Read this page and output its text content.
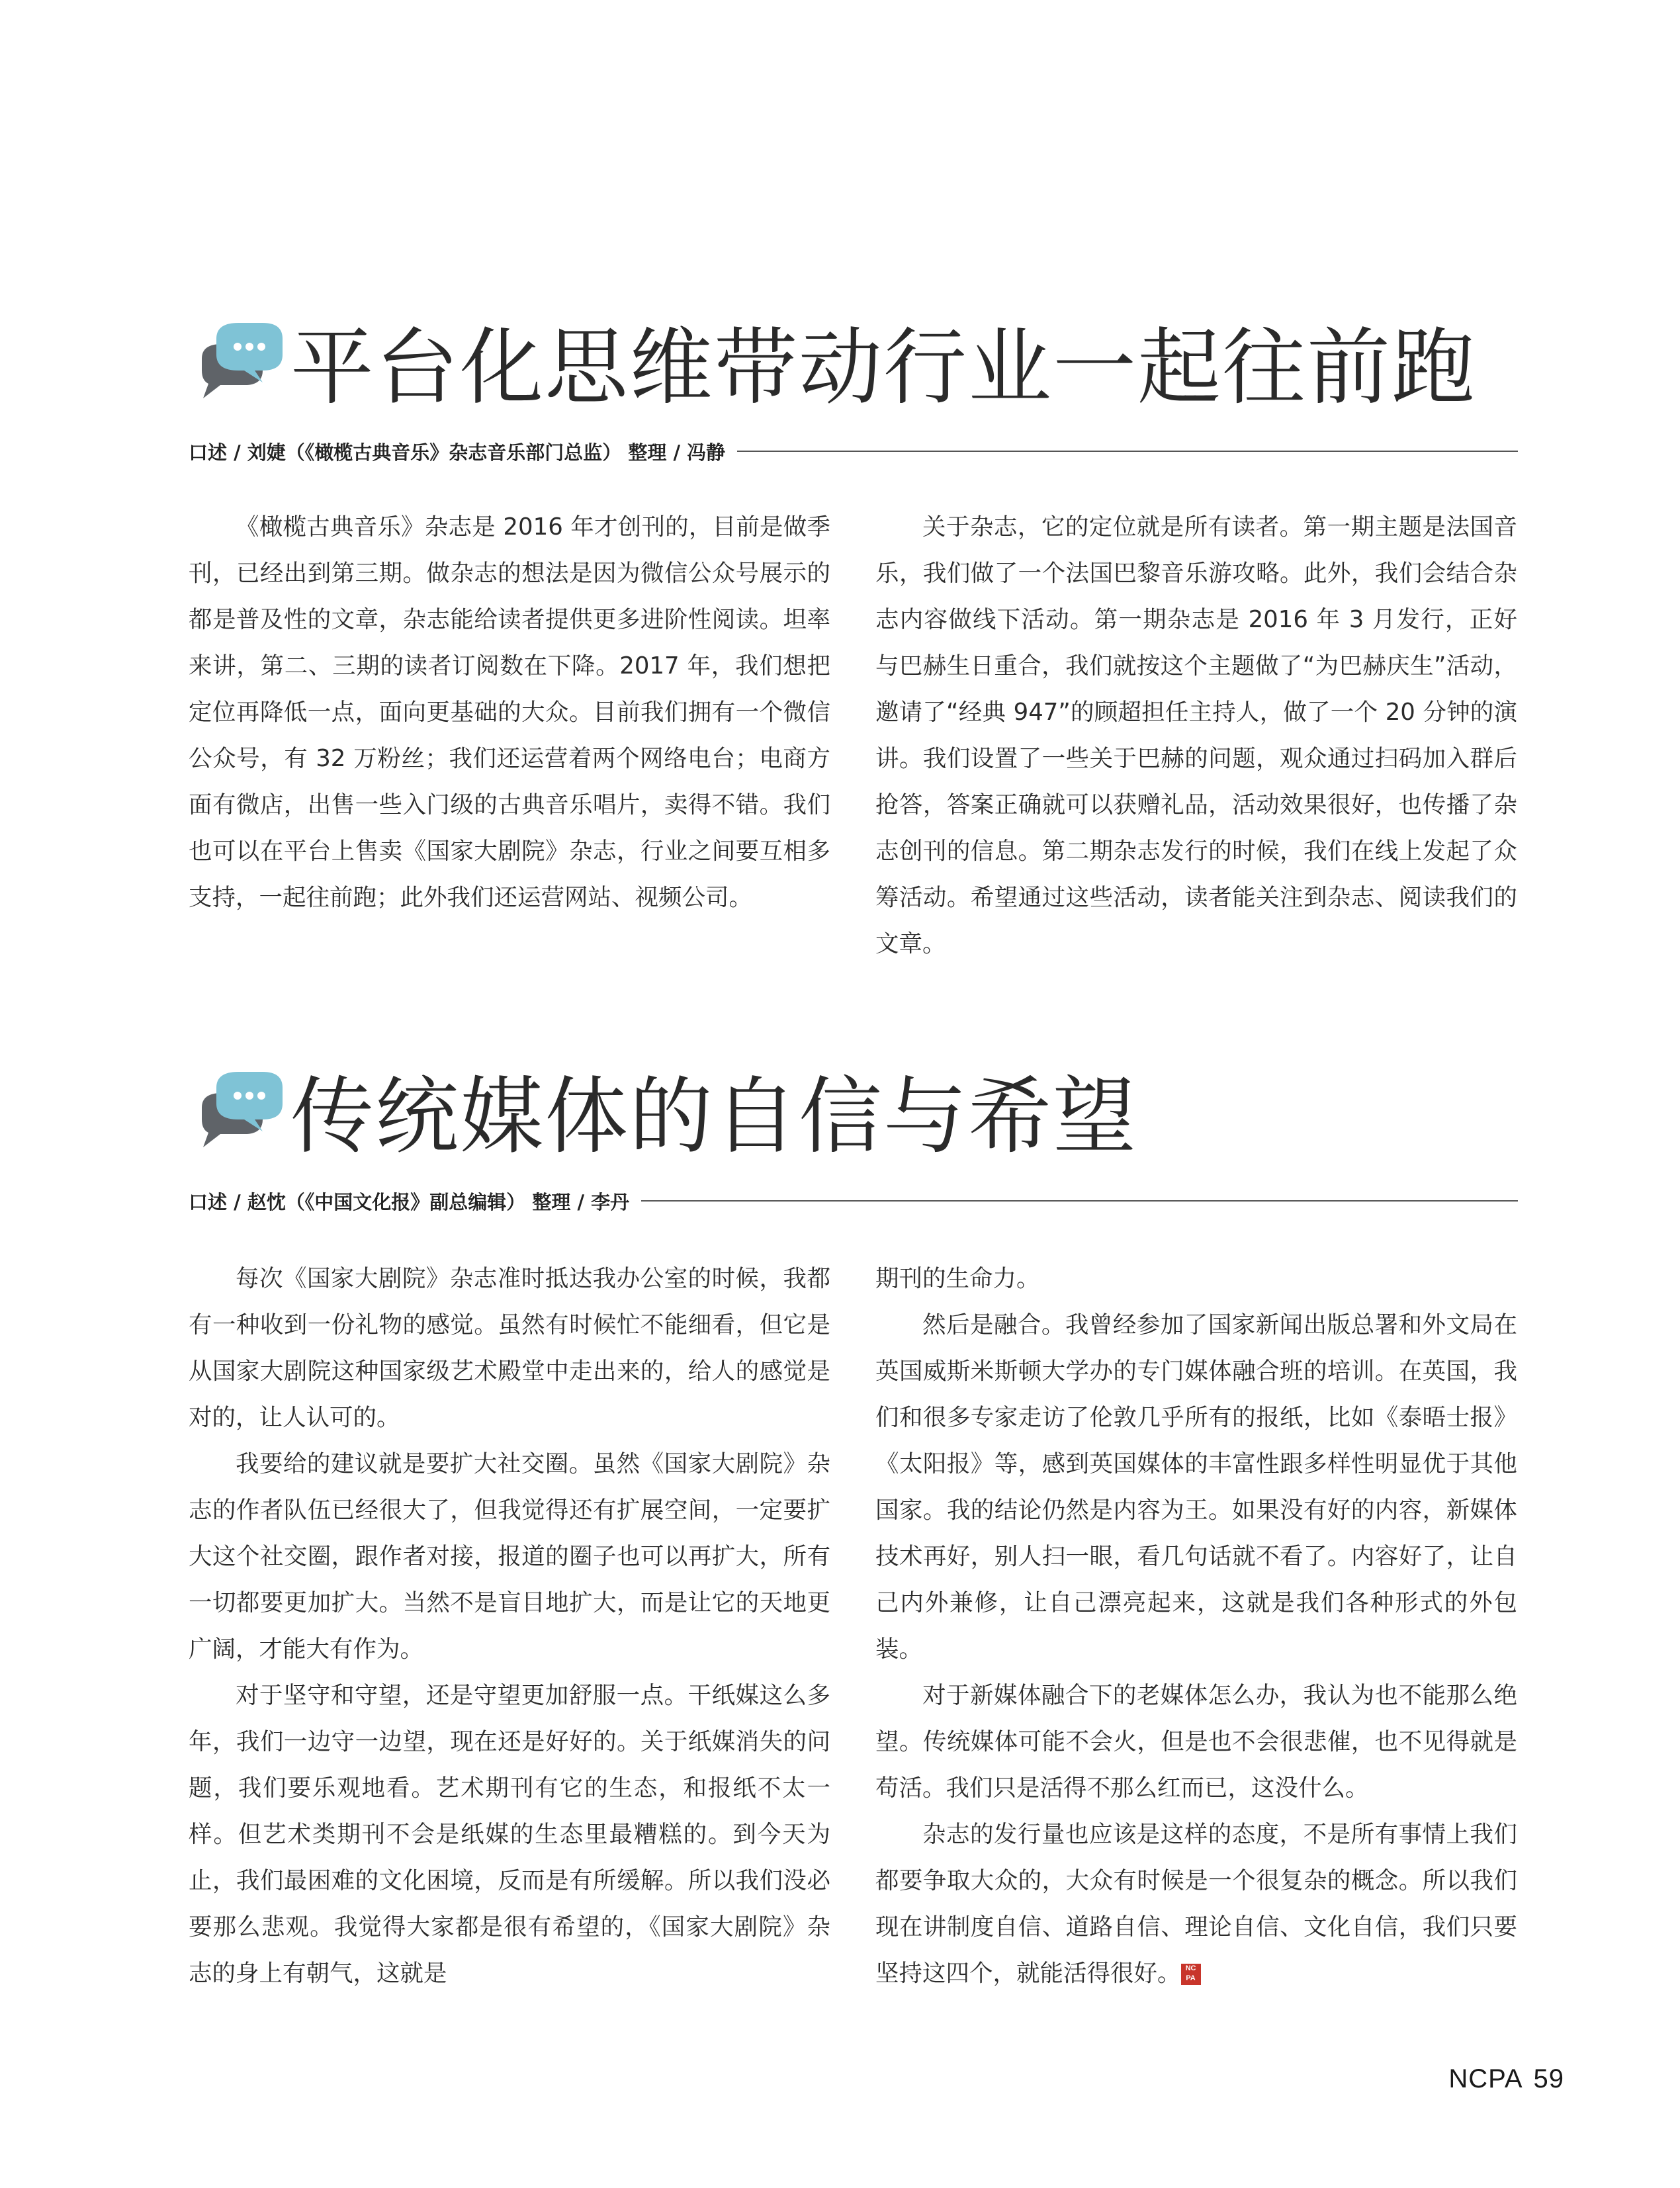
平台化思维带动行业一起往前跑
口述 / 刘婕（《橄榄古典音乐》杂志音乐部门总监） 整理 / 冯静

《橄榄古典音乐》杂志是 2016 年才创刊的，目前是做季刊，已经出到第三期。做杂志的想法是因为微信公众号展示的都是普及性的文章，杂志能给读者提供更多进阶性阅读。坦率来讲，第二、三期的读者订阅数在下降。2017 年，我们想把定位再降低一点，面向更基础的大众。目前我们拥有一个微信公众号，有 32 万粉丝；我们还运营着两个网络电台；电商方面有微店，出售一些入门级的古典音乐唱片，卖得不错。我们也可以在平台上售卖《国家大剧院》杂志，行业之间要互相多支持，一起往前跑；此外我们还运营网站、视频公司。

关于杂志，它的定位就是所有读者。第一期主题是法国音乐，我们做了一个法国巴黎音乐游攻略。此外，我们会结合杂志内容做线下活动。第一期杂志是 2016 年 3 月发行，正好与巴赫生日重合，我们就按这个主题做了“为巴赫庆生”活动，邀请了“经典 947”的顾超担任主持人，做了一个 20 分钟的演讲。我们设置了一些关于巴赫的问题，观众通过扫码加入群后抢答，答案正确就可以获赠礼品，活动效果很好，也传播了杂志创刊的信息。第二期杂志发行的时候，我们在线上发起了众筹活动。希望通过这些活动，读者能关注到杂志、阅读我们的文章。

传统媒体的自信与希望
口述 / 赵忱（《中国文化报》副总编辑） 整理 / 李丹

每次《国家大剧院》杂志准时抵达我办公室的时候，我都有一种收到一份礼物的感觉。虽然有时候忙不能细看，但它是从国家大剧院这种国家级艺术殿堂中走出来的，给人的感觉是对的，让人认可的。

我要给的建议就是要扩大社交圈。虽然《国家大剧院》杂志的作者队伍已经很大了，但我觉得还有扩展空间，一定要扩大这个社交圈，跟作者对接，报道的圈子也可以再扩大，所有一切都要更加扩大。当然不是盲目地扩大，而是让它的天地更广阔，才能大有作为。

对于坚守和守望，还是守望更加舒服一点。干纸媒这么多年，我们一边守一边望，现在还是好好的。关于纸媒消失的问题，我们要乐观地看。艺术期刊有它的生态，和报纸不太一样。但艺术类期刊不会是纸媒的生态里最糟糕的。到今天为止，我们最困难的文化困境，反而是有所缓解。所以我们没必要那么悲观。我觉得大家都是很有希望的，《国家大剧院》杂志的身上有朝气，这就是

期刊的生命力。

然后是融合。我曾经参加了国家新闻出版总署和外文局在英国威斯米斯顿大学办的专门媒体融合班的培训。在英国，我们和很多专家走访了伦敦几乎所有的报纸，比如《泰晤士报》《太阳报》等，感到英国媒体的丰富性跟多样性明显优于其他国家。我的结论仍然是内容为王。如果没有好的内容，新媒体技术再好，别人扫一眼，看几句话就不看了。内容好了，让自己内外兼修，让自己漂亮起来，这就是我们各种形式的外包装。

对于新媒体融合下的老媒体怎么办，我认为也不能那么绝望。传统媒体可能不会火，但是也不会很悲催，也不见得就是苟活。我们只是活得不那么红而已，这没什么。

杂志的发行量也应该是这样的态度，不是所有事情上我们都要争取大众的，大众有时候是一个很复杂的概念。所以我们现在讲制度自信、道路自信、理论自信、文化自信，我们只要坚持这四个，就能活得很好。 NC
PA

NCPA 59
